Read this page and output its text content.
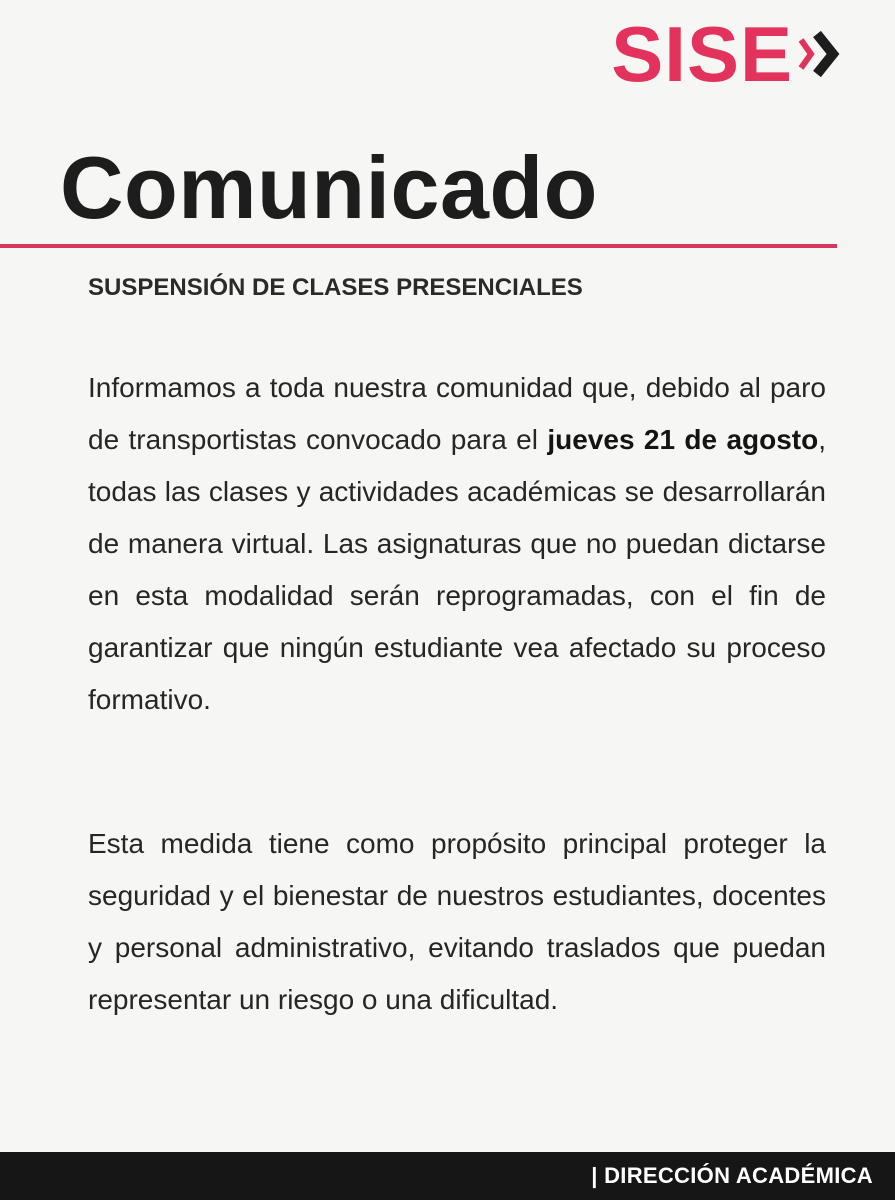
SISE
Comunicado
SUSPENSIÓN DE CLASES PRESENCIALES

Informamos a toda nuestra comunidad que, debido al paro de transportistas convocado para el jueves 21 de agosto, todas las clases y actividades académicas se desarrollarán de manera virtual. Las asignaturas que no puedan dictarse en esta modalidad serán reprogramadas, con el fin de garantizar que ningún estudiante vea afectado su proceso formativo.

Esta medida tiene como propósito principal proteger la seguridad y el bienestar de nuestros estudiantes, docentes y personal administrativo, evitando traslados que puedan representar un riesgo o una dificultad.

| DIRECCIÓN ACADÉMICA
